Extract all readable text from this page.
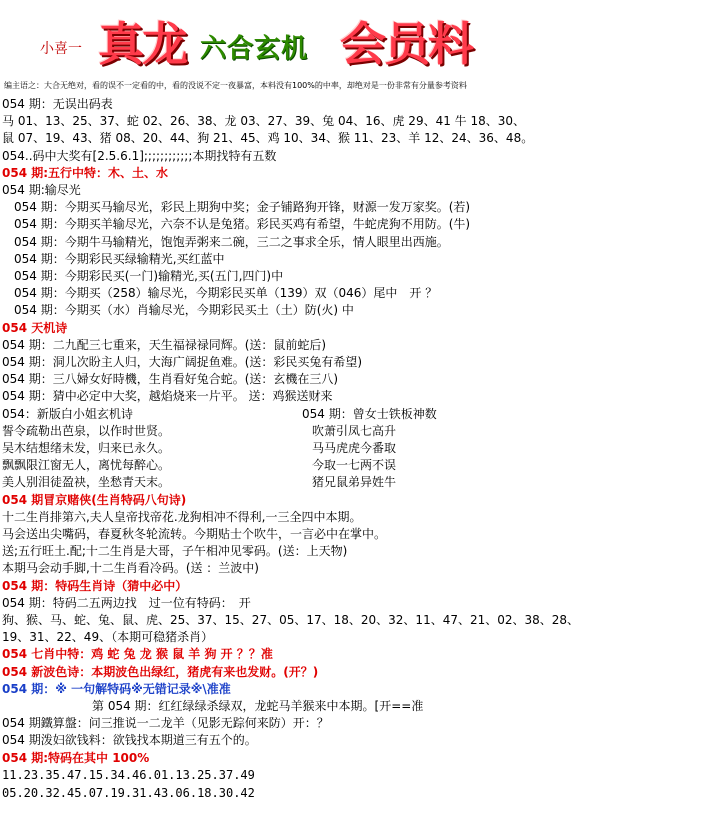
小喜一 真龙 六合玄机 会员料
编主语之：大合无绝对，看的误不一定看的中，看的没说不定一夜暴富，本料没有100%的中率，却绝对是一份非常有分量参考资料
054 期：无误出码表
马 01、13、25、37、蛇 02、26、38、龙 03、27、39、兔 04、16、虎 29、41 牛 18、30、
鼠 07、19、43、猪 08、20、44、狗 21、45、鸡 10、34、猴 11、23、羊 12、24、36、48。
054..码中大奖有[2.5.6.1];;;;;;;;;;;;本期找特有五数
054 期:五行中特：木、土、水
054 期:输尽光
054 期：今期买马输尽光，彩民上期狗中奖；金子铺路狗开锋，财源一发万家奖。(若)
054 期：今期买羊输尽光，六奈不认是兔猪。彩民买鸡有希望，牛蛇虎狗不用防。(牛)
054 期：今期牛马输精光，饱饱弄粥来二碗，三二之事求全乐，情人眼里出西施。
054 期：今期彩民买绿输精光,买红蓝中
054 期：今期彩民买(一门)输精光,买(五门,四门)中
054 期：今期买（258）输尽光，今期彩民买单（139）双（046）尾中　开 ？
054 期：今期买（水）肖输尽光，今期彩民买土（土）防(火) 中
054 天机诗
054 期：二九配三七重来，天生福禄禄同辉。(送：鼠前蛇后)
054 期：洞儿次盼主人归，大海广阔捉鱼难。(送：彩民买兔有希望)
054 期：三八婦女好時機，生肖看好兔合蛇。(送：玄機在三八)
054 期：猜中必定中大奖，越焰烧来一片平。 送：鸡猴送财来
054：新版白小姐玄机诗	054 期：曾女士铁板神数
誓令疏勒出芭泉，以作时世贤。	吹萧引凤七高升
吴木结想绪未发，归来已永久。	马马虎虎今番取
飘飘限江窗无人，离忧每醉心。	今取一七两不误
美人别泪徒盈袂，坐愁青天末。	猪兄鼠弟异姓牛
054 期冒京赌侠(生肖特码八句诗)
十二生肖排第六,夫人皇帝找帝花.龙狗相冲不得利,一三全四中本期。
马会送出尖嘴码，春夏秋冬轮流转。今期贴士个吹牛，一言必中在掌中。
送;五行旺土.配;十二生肖是大哥，子午相冲见零码。(送：上天物)
本期马会动手脚,十二生肖看冷码。(送 ：兰波中)
054 期：特码生肖诗（猜中必中）
054 期：特码二五两边找　过一位有特码：　开
狗、猴、马、蛇、兔、鼠、虎、25、37、15、27、05、17、18、20、32、11、47、21、02、38、28、
19、31、22、49、（本期可稳猪杀肖）
054 七肖中特：鸡 蛇 兔 龙 猴 鼠 羊 狗 开 ？？准
054 新波色诗：本期波色出绿红，猪虎有来也发财。(开？)
054 期：※ 一句解特码※无错记录※\准准
第 054 期：红红绿绿杀绿双，龙蛇马羊猴来中本期。[开==准
054 期鐵算盤：问三推说一二龙羊（见影无踪何来防）开：？
054 期泼妇欲钱料：欲钱找本期道三有五个的。
054 期:特码在其中 100%
11.23.35.47.15.34.46.01.13.25.37.49
05.20.32.45.07.19.31.43.06.18.30.42
